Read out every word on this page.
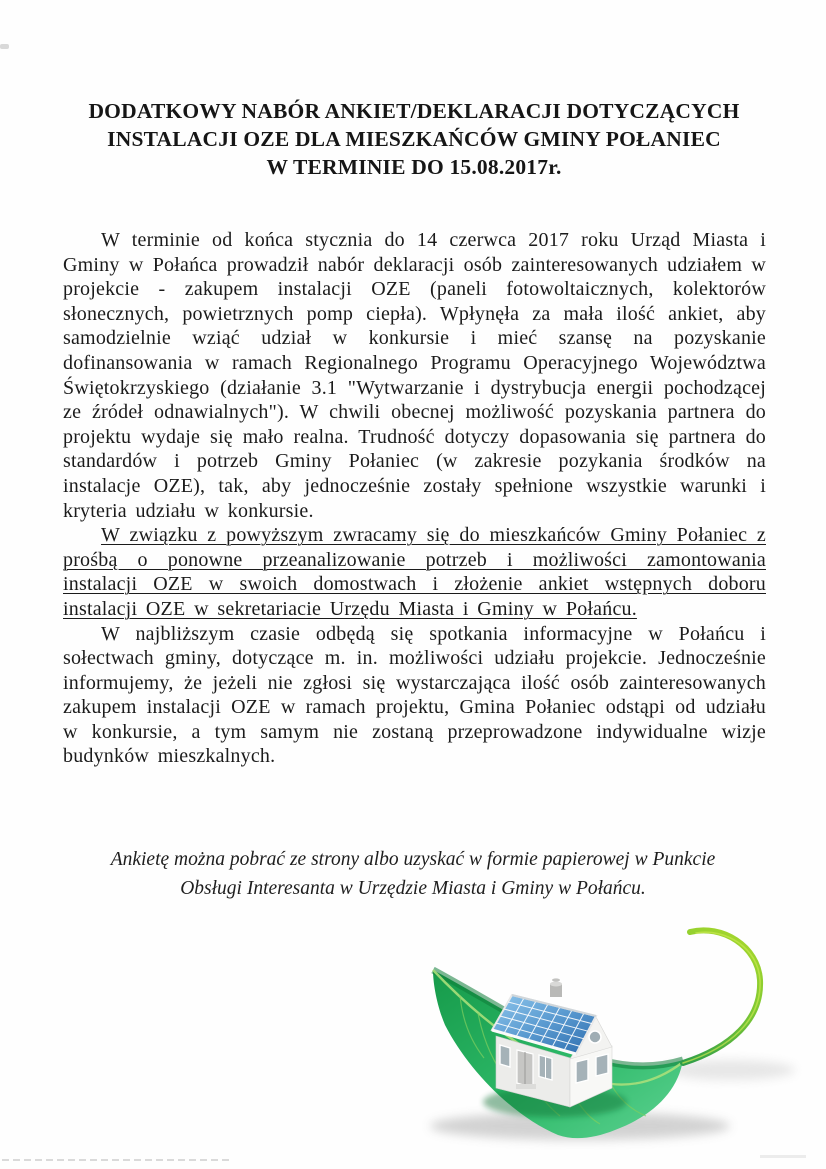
DODATKOWY NABÓR ANKIET/DEKLARACJI DOTYCZĄCYCH
INSTALACJI OZE DLA MIESZKAŃCÓW GMINY POŁANIEC
W TERMINIE DO 15.08.2017r.

W terminie od końca stycznia do 14 czerwca 2017 roku Urząd Miasta i Gminy w Połańca prowadził nabór deklaracji osób zainteresowanych udziałem w projekcie - zakupem instalacji OZE (paneli fotowoltaicznych, kolektorów słonecznych, powietrznych pomp ciepła). Wpłynęła za mała ilość ankiet, aby samodzielnie wziąć udział w konkursie i mieć szansę na pozyskanie dofinansowania w ramach Regionalnego Programu Operacyjnego Województwa Świętokrzyskiego (działanie 3.1 "Wytwarzanie i dystrybucja energii pochodzącej ze źródeł odnawialnych"). W chwili obecnej możliwość pozyskania partnera do projektu wydaje się mało realna. Trudność dotyczy dopasowania się partnera do standardów i potrzeb Gminy Połaniec (w zakresie pozykania środków na instalacje OZE), tak, aby jednocześnie zostały spełnione wszystkie warunki i kryteria udziału w konkursie.

W związku z powyższym zwracamy się do mieszkańców Gminy Połaniec z prośbą o ponowne przeanalizowanie potrzeb i możliwości zamontowania instalacji OZE w swoich domostwach i złożenie ankiet wstępnych doboru instalacji OZE w sekretariacie Urzędu Miasta i Gminy w Połańcu.

W najbliższym czasie odbędą się spotkania informacyjne w Połańcu i sołectwach gminy, dotyczące m. in. możliwości udziału projekcie. Jednocześnie informujemy, że jeżeli nie zgłosi się wystarczająca ilość osób zainteresowanych zakupem instalacji OZE w ramach projektu, Gmina Połaniec odstąpi od udziału w konkursie, a tym samym nie zostaną przeprowadzone indywidualne wizje budynków mieszkalnych.

Ankietę można pobrać ze strony albo uzyskać w formie papierowej w Punkcie Obsługi Interesanta w Urzędzie Miasta i Gminy w Połańcu.
